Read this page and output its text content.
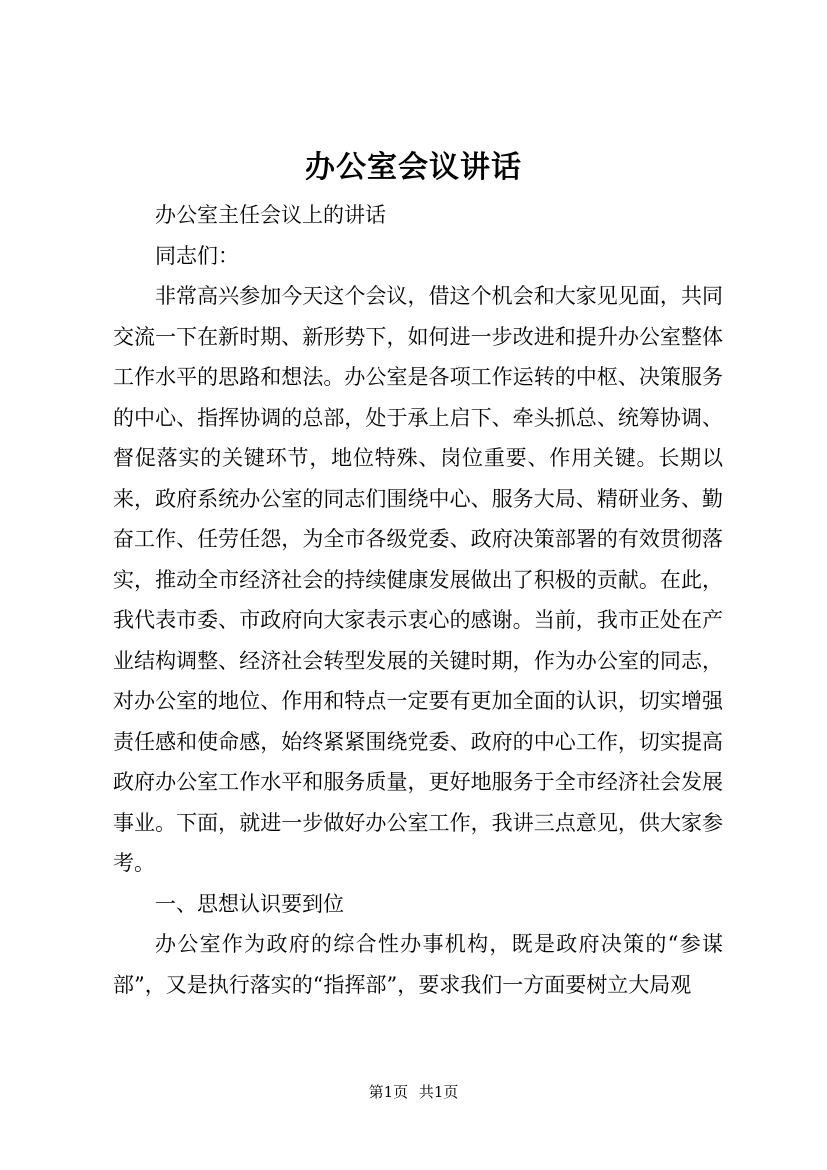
办公室会议讲话

办公室主任会议上的讲话

同志们：

非常高兴参加今天这个会议，借这个机会和大家见见面，共同交流一下在新时期、新形势下，如何进一步改进和提升办公室整体工作水平的思路和想法。办公室是各项工作运转的中枢、决策服务的中心、指挥协调的总部，处于承上启下、牵头抓总、统筹协调、督促落实的关键环节，地位特殊、岗位重要、作用关键。长期以来，政府系统办公室的同志们围绕中心、服务大局、精研业务、勤奋工作、任劳任怨，为全市各级党委、政府决策部署的有效贯彻落实，推动全市经济社会的持续健康发展做出了积极的贡献。在此，我代表市委、市政府向大家表示衷心的感谢。当前，我市正处在产业结构调整、经济社会转型发展的关键时期，作为办公室的同志，对办公室的地位、作用和特点一定要有更加全面的认识，切实增强责任感和使命感，始终紧紧围绕党委、政府的中心工作，切实提高政府办公室工作水平和服务质量，更好地服务于全市经济社会发展事业。下面，就进一步做好办公室工作，我讲三点意见，供大家参考。

一、思想认识要到位

办公室作为政府的综合性办事机构，既是政府决策的“参谋部”，又是执行落实的“指挥部”，要求我们一方面要树立大局观

第1页 共1页
